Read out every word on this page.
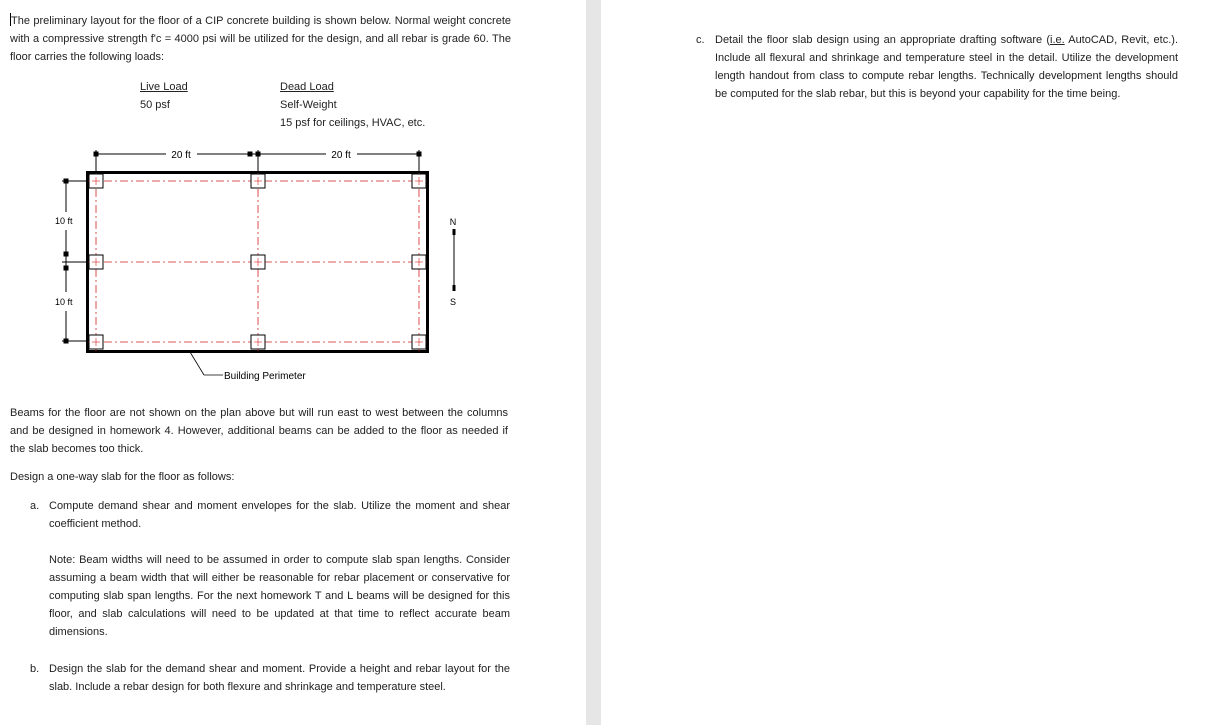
The preliminary layout for the floor of a CIP concrete building is shown below. Normal weight concrete with a compressive strength f'c = 4000 psi will be utilized for the design, and all rebar is grade 60. The floor carries the following loads:

Live Load
50 psf
Dead Load
Self-Weight
15 psf for ceilings, HVAC, etc.
20 ft	20 ft
10 ft
10 ft
N
S
Building Perimeter

Beams for the floor are not shown on the plan above but will run east to west between the columns and be designed in homework 4. However, additional beams can be added to the floor as needed if the slab becomes too thick.

Design a one-way slab for the floor as follows:

a. Compute demand shear and moment envelopes for the slab. Utilize the moment and shear coefficient method.

Note: Beam widths will need to be assumed in order to compute slab span lengths. Consider assuming a beam width that will either be reasonable for rebar placement or conservative for computing slab span lengths. For the next homework T and L beams will be designed for this floor, and slab calculations will need to be updated at that time to reflect accurate beam dimensions.

b. Design the slab for the demand shear and moment. Provide a height and rebar layout for the slab. Include a rebar design for both flexure and shrinkage and temperature steel.

c. Detail the floor slab design using an appropriate drafting software (i.e. AutoCAD, Revit, etc.). Include all flexural and shrinkage and temperature steel in the detail. Utilize the development length handout from class to compute rebar lengths. Technically development lengths should be computed for the slab rebar, but this is beyond your capability for the time being.
